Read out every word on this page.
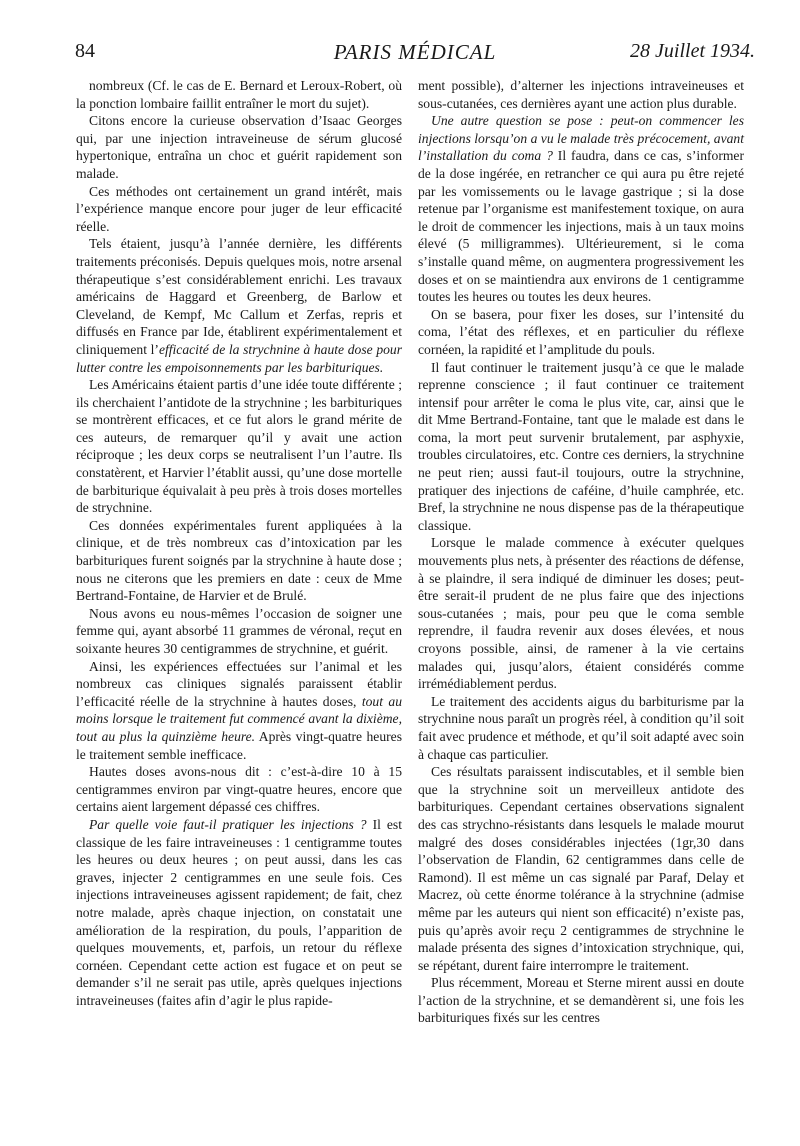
84	PARIS MÉDICAL	28 Juillet 1934.

nombreux (Cf. le cas de E. Bernard et Leroux-Robert, où la ponction lombaire faillit entraîner le mort du sujet).

Citons encore la curieuse observation d’Isaac Georges qui, par une injection intraveineuse de sérum glucosé hypertonique, entraîna un choc et guérit rapidement son malade.

Ces méthodes ont certainement un grand intérêt, mais l’expérience manque encore pour juger de leur efficacité réelle.

Tels étaient, jusqu’à l’année dernière, les différents traitements préconisés. Depuis quelques mois, notre arsenal thérapeutique s’est considérablement enrichi. Les travaux américains de Haggard et Greenberg, de Barlow et Cleveland, de Kempf, Mc Callum et Zerfas, repris et diffusés en France par Ide, établirent expérimentalement et cliniquement l’efficacité de la strychnine à haute dose pour lutter contre les empoisonnements par les barbituriques.

Les Américains étaient partis d’une idée toute différente ; ils cherchaient l’antidote de la strychnine ; les barbituriques se montrèrent efficaces, et ce fut alors le grand mérite de ces auteurs, de remarquer qu’il y avait une action réciproque ; les deux corps se neutralisent l’un l’autre. Ils constatèrent, et Harvier l’établit aussi, qu’une dose mortelle de barbiturique équivalait à peu près à trois doses mortelles de strychnine.

Ces données expérimentales furent appliquées à la clinique, et de très nombreux cas d’intoxication par les barbituriques furent soignés par la strychnine à haute dose ; nous ne citerons que les premiers en date : ceux de Mme Bertrand-Fontaine, de Harvier et de Brulé.

Nous avons eu nous-mêmes l’occasion de soigner une femme qui, ayant absorbé 11 grammes de véronal, reçut en soixante heures 30 centigrammes de strychnine, et guérit.

Ainsi, les expériences effectuées sur l’animal et les nombreux cas cliniques signalés paraissent établir l’efficacité réelle de la strychnine à hautes doses, tout au moins lorsque le traitement fut commencé avant la dixième, tout au plus la quinzième heure. Après vingt-quatre heures le traitement semble inefficace.

Hautes doses avons-nous dit : c’est-à-dire 10 à 15 centigrammes environ par vingt-quatre heures, encore que certains aient largement dépassé ces chiffres.

Par quelle voie faut-il pratiquer les injections ? Il est classique de les faire intraveineuses : 1 centigramme toutes les heures ou deux heures ; on peut aussi, dans les cas graves, injecter 2 centigrammes en une seule fois. Ces injections intraveineuses agissent rapidement; de fait, chez notre malade, après chaque injection, on constatait une amélioration de la respiration, du pouls, l’apparition de quelques mouvements, et, parfois, un retour du réflexe cornéen. Cependant cette action est fugace et on peut se demander s’il ne serait pas utile, après quelques injections intraveineuses (faites afin d’agir le plus rapide-

ment possible), d’alterner les injections intraveineuses et sous-cutanées, ces dernières ayant une action plus durable.

Une autre question se pose : peut-on commencer les injections lorsqu’on a vu le malade très précocement, avant l’installation du coma ? Il faudra, dans ce cas, s’informer de la dose ingérée, en retrancher ce qui aura pu être rejeté par les vomissements ou le lavage gastrique ; si la dose retenue par l’organisme est manifestement toxique, on aura le droit de commencer les injections, mais à un taux moins élevé (5 milligrammes). Ultérieurement, si le coma s’installe quand même, on augmentera progressivement les doses et on se maintiendra aux environs de 1 centigramme toutes les heures ou toutes les deux heures.

On se basera, pour fixer les doses, sur l’intensité du coma, l’état des réflexes, et en particulier du réflexe cornéen, la rapidité et l’amplitude du pouls.

Il faut continuer le traitement jusqu’à ce que le malade reprenne conscience ; il faut continuer ce traitement intensif pour arrêter le coma le plus vite, car, ainsi que le dit Mme Bertrand-Fontaine, tant que le malade est dans le coma, la mort peut survenir brutalement, par asphyxie, troubles circulatoires, etc. Contre ces derniers, la strychnine ne peut rien; aussi faut-il toujours, outre la strychnine, pratiquer des injections de caféine, d’huile camphrée, etc. Bref, la strychnine ne nous dispense pas de la thérapeutique classique.

Lorsque le malade commence à exécuter quelques mouvements plus nets, à présenter des réactions de défense, à se plaindre, il sera indiqué de diminuer les doses; peut-être serait-il prudent de ne plus faire que des injections sous-cutanées ; mais, pour peu que le coma semble reprendre, il faudra revenir aux doses élevées, et nous croyons possible, ainsi, de ramener à la vie certains malades qui, jusqu’alors, étaient considérés comme irrémédiablement perdus.

Le traitement des accidents aigus du barbiturisme par la strychnine nous paraît un progrès réel, à condition qu’il soit fait avec prudence et méthode, et qu’il soit adapté avec soin à chaque cas particulier.

Ces résultats paraissent indiscutables, et il semble bien que la strychnine soit un merveilleux antidote des barbituriques. Cependant certaines observations signalent des cas strychno-résistants dans lesquels le malade mourut malgré des doses considérables injectées (1gr,30 dans l’observation de Flandin, 62 centigrammes dans celle de Ramond). Il est même un cas signalé par Paraf, Delay et Macrez, où cette énorme tolérance à la strychnine (admise même par les auteurs qui nient son efficacité) n’existe pas, puis qu’après avoir reçu 2 centigrammes de strychnine le malade présenta des signes d’intoxication strychnique, qui, se répétant, durent faire interrompre le traitement.

Plus récemment, Moreau et Sterne mirent aussi en doute l’action de la strychnine, et se demandèrent si, une fois les barbituriques fixés sur les centres
